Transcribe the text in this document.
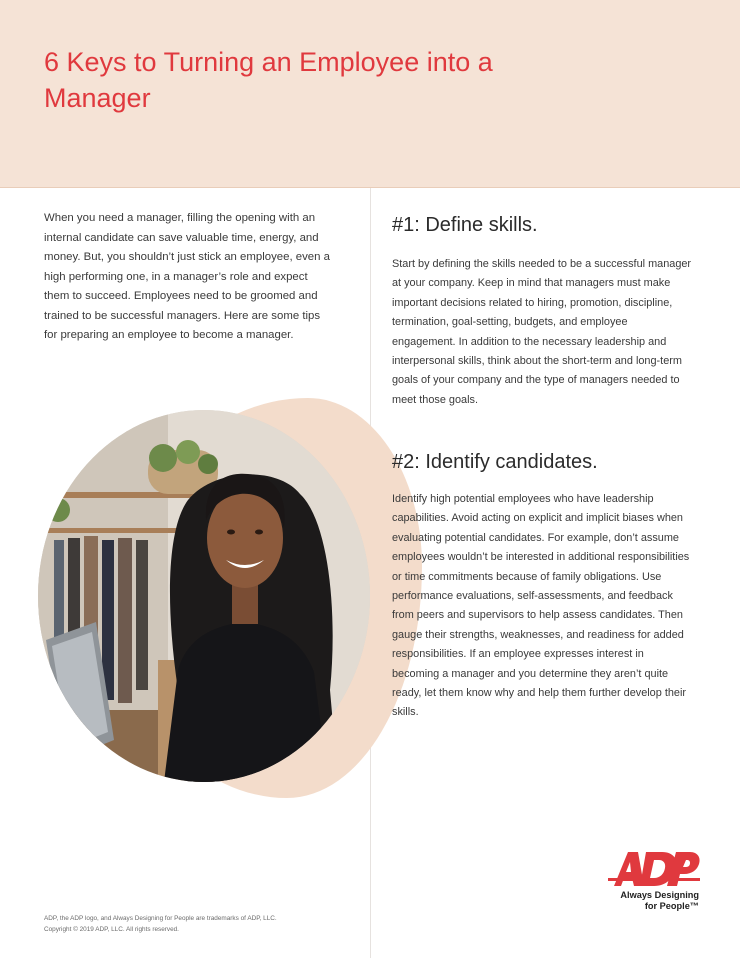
6 Keys to Turning an Employee into a Manager

When you need a manager, filling the opening with an internal candidate can save valuable time, energy, and money. But, you shouldn’t just stick an employee, even a high performing one, in a manager’s role and expect them to succeed. Employees need to be groomed and trained to be successful managers. Here are some tips for preparing an employee to become a manager.

#1: Define skills.

Start by defining the skills needed to be a successful manager at your company. Keep in mind that managers must make important decisions related to hiring, promotion, discipline, termination, goal-setting, budgets, and employee engagement. In addition to the necessary leadership and interpersonal skills, think about the short-term and long-term goals of your company and the type of managers needed to meet those goals.

#2: Identify candidates.

Identify high potential employees who have leadership capabilities. Avoid acting on explicit and implicit biases when evaluating potential candidates. For example, don’t assume employees wouldn’t be interested in additional responsibilities or time commitments because of family obligations. Use performance evaluations, self-assessments, and feedback from peers and supervisors to help assess candidates. Then gauge their strengths, weaknesses, and readiness for added responsibilities. If an employee expresses interest in becoming a manager and you determine they aren’t quite ready, let them know why and help them further develop their skills.

ADP, the ADP logo, and Always Designing for People are trademarks of ADP, LLC.
Copyright © 2019 ADP, LLC. All rights reserved.
Always Designing
for People™
